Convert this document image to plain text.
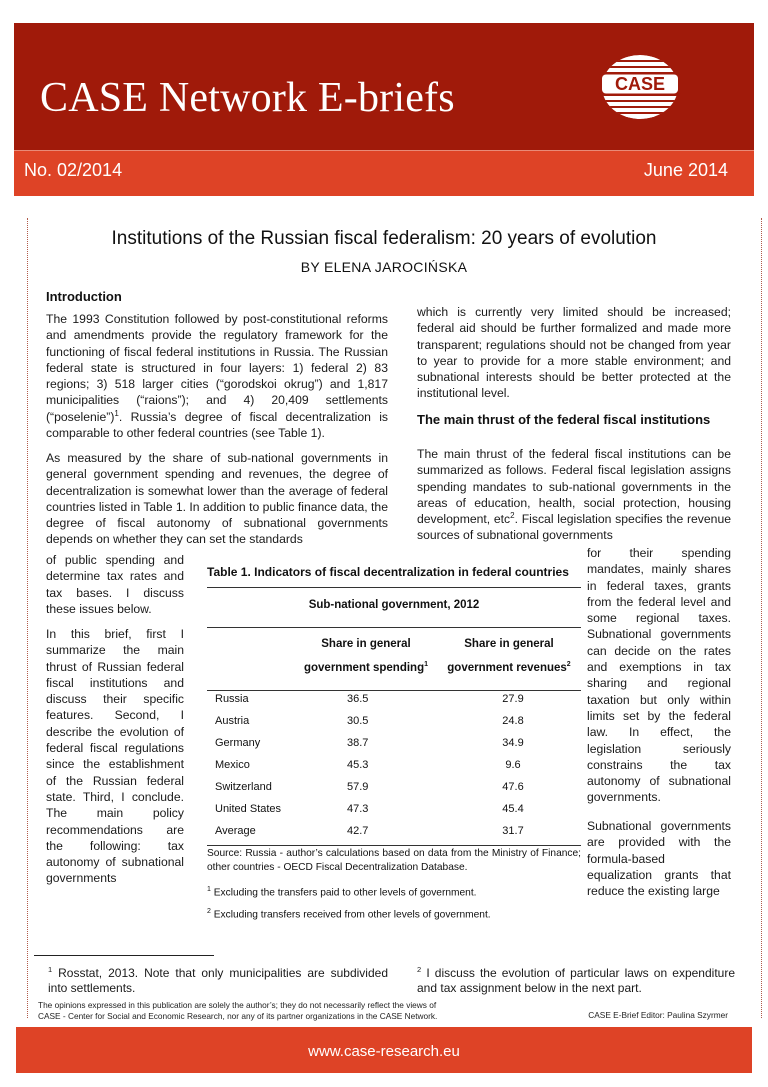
CASE Network E-briefs	CASE
No. 02/2014	June 2014
Institutions of the Russian fiscal federalism: 20 years of evolution
BY ELENA JAROCIŃSKA
Introduction
The 1993 Constitution followed by post-constitutional reforms and amendments provide the regulatory framework for the functioning of fiscal federal institutions in Russia. The Russian federal state is structured in four layers: 1) federal 2) 83 regions; 3) 518 larger cities (“gorodskoi okrug”) and 1,817 municipalities (“raions”); and 4) 20,409 settlements (“poselenie”)$^1$. Russia’s degree of fiscal decentralization is comparable to other federal countries (see Table 1).
As measured by the share of sub-national governments in general government spending and revenues, the degree of decentralization is somewhat lower than the average of federal countries listed in Table 1. In addition to public finance data, the degree of fiscal autonomy of subnational governments depends on whether they can set the standards
of public spending and determine tax rates and tax bases. I discuss these issues below.
In this brief, first I summarize the main thrust of Russian federal fiscal institutions and discuss their specific features. Second, I describe the evolution of federal fiscal regulations since the establishment of the Russian federal state. Third, I conclude. The main policy recommendations are the following: tax autonomy of subnational governments
which is currently very limited should be increased; federal aid should be further formalized and made more transparent; regulations should not be changed from year to year to provide for a more stable environment; and subnational interests should be better protected at the institutional level.
The main thrust of the federal fiscal institutions
The main thrust of the federal fiscal institutions can be summarized as follows. Federal fiscal legislation assigns spending mandates to sub-national governments in the areas of education, health, social protection, housing development, etc$^2$. Fiscal legislation specifies the revenue sources of subnational governments
for their spending mandates, mainly shares in federal taxes, grants from the federal level and some regional taxes. Subnational governments can decide on the rates and exemptions in tax sharing and regional taxation but only within limits set by the federal law. In effect, the legislation seriously constrains the tax autonomy of subnational governments.
Subnational governments are provided with the formula-based equalization grants that reduce the existing large
Table 1. Indicators of fiscal decentralization in federal countries
Sub-national government, 2012
Share in general
government spending$^1$
Share in general
government revenues$^2$
Russia	36.5	27.9
Austria	30.5	24.8
Germany	38.7	34.9
Mexico	45.3	9.6
Switzerland	57.9	47.6
United States	47.3	45.4
Average	42.7	31.7
Source: Russia - author’s calculations based on data from the Ministry of Finance; other countries - OECD Fiscal Decentralization Database.
$^1$ Excluding the transfers paid to other levels of government.
$^2$ Excluding transfers received from other levels of government.
$^1$ Rosstat, 2013. Note that only municipalities are subdivided into settlements.
$^2$ I discuss the evolution of particular laws on expenditure and tax assignment below in the next part.
The opinions expressed in this publication are solely the author’s; they do not necessarily reflect the views of
CASE - Center for Social and Economic Research, nor any of its partner organizations in the CASE Network.	CASE E-Brief Editor: Paulina Szyrmer
www.case-research.eu
